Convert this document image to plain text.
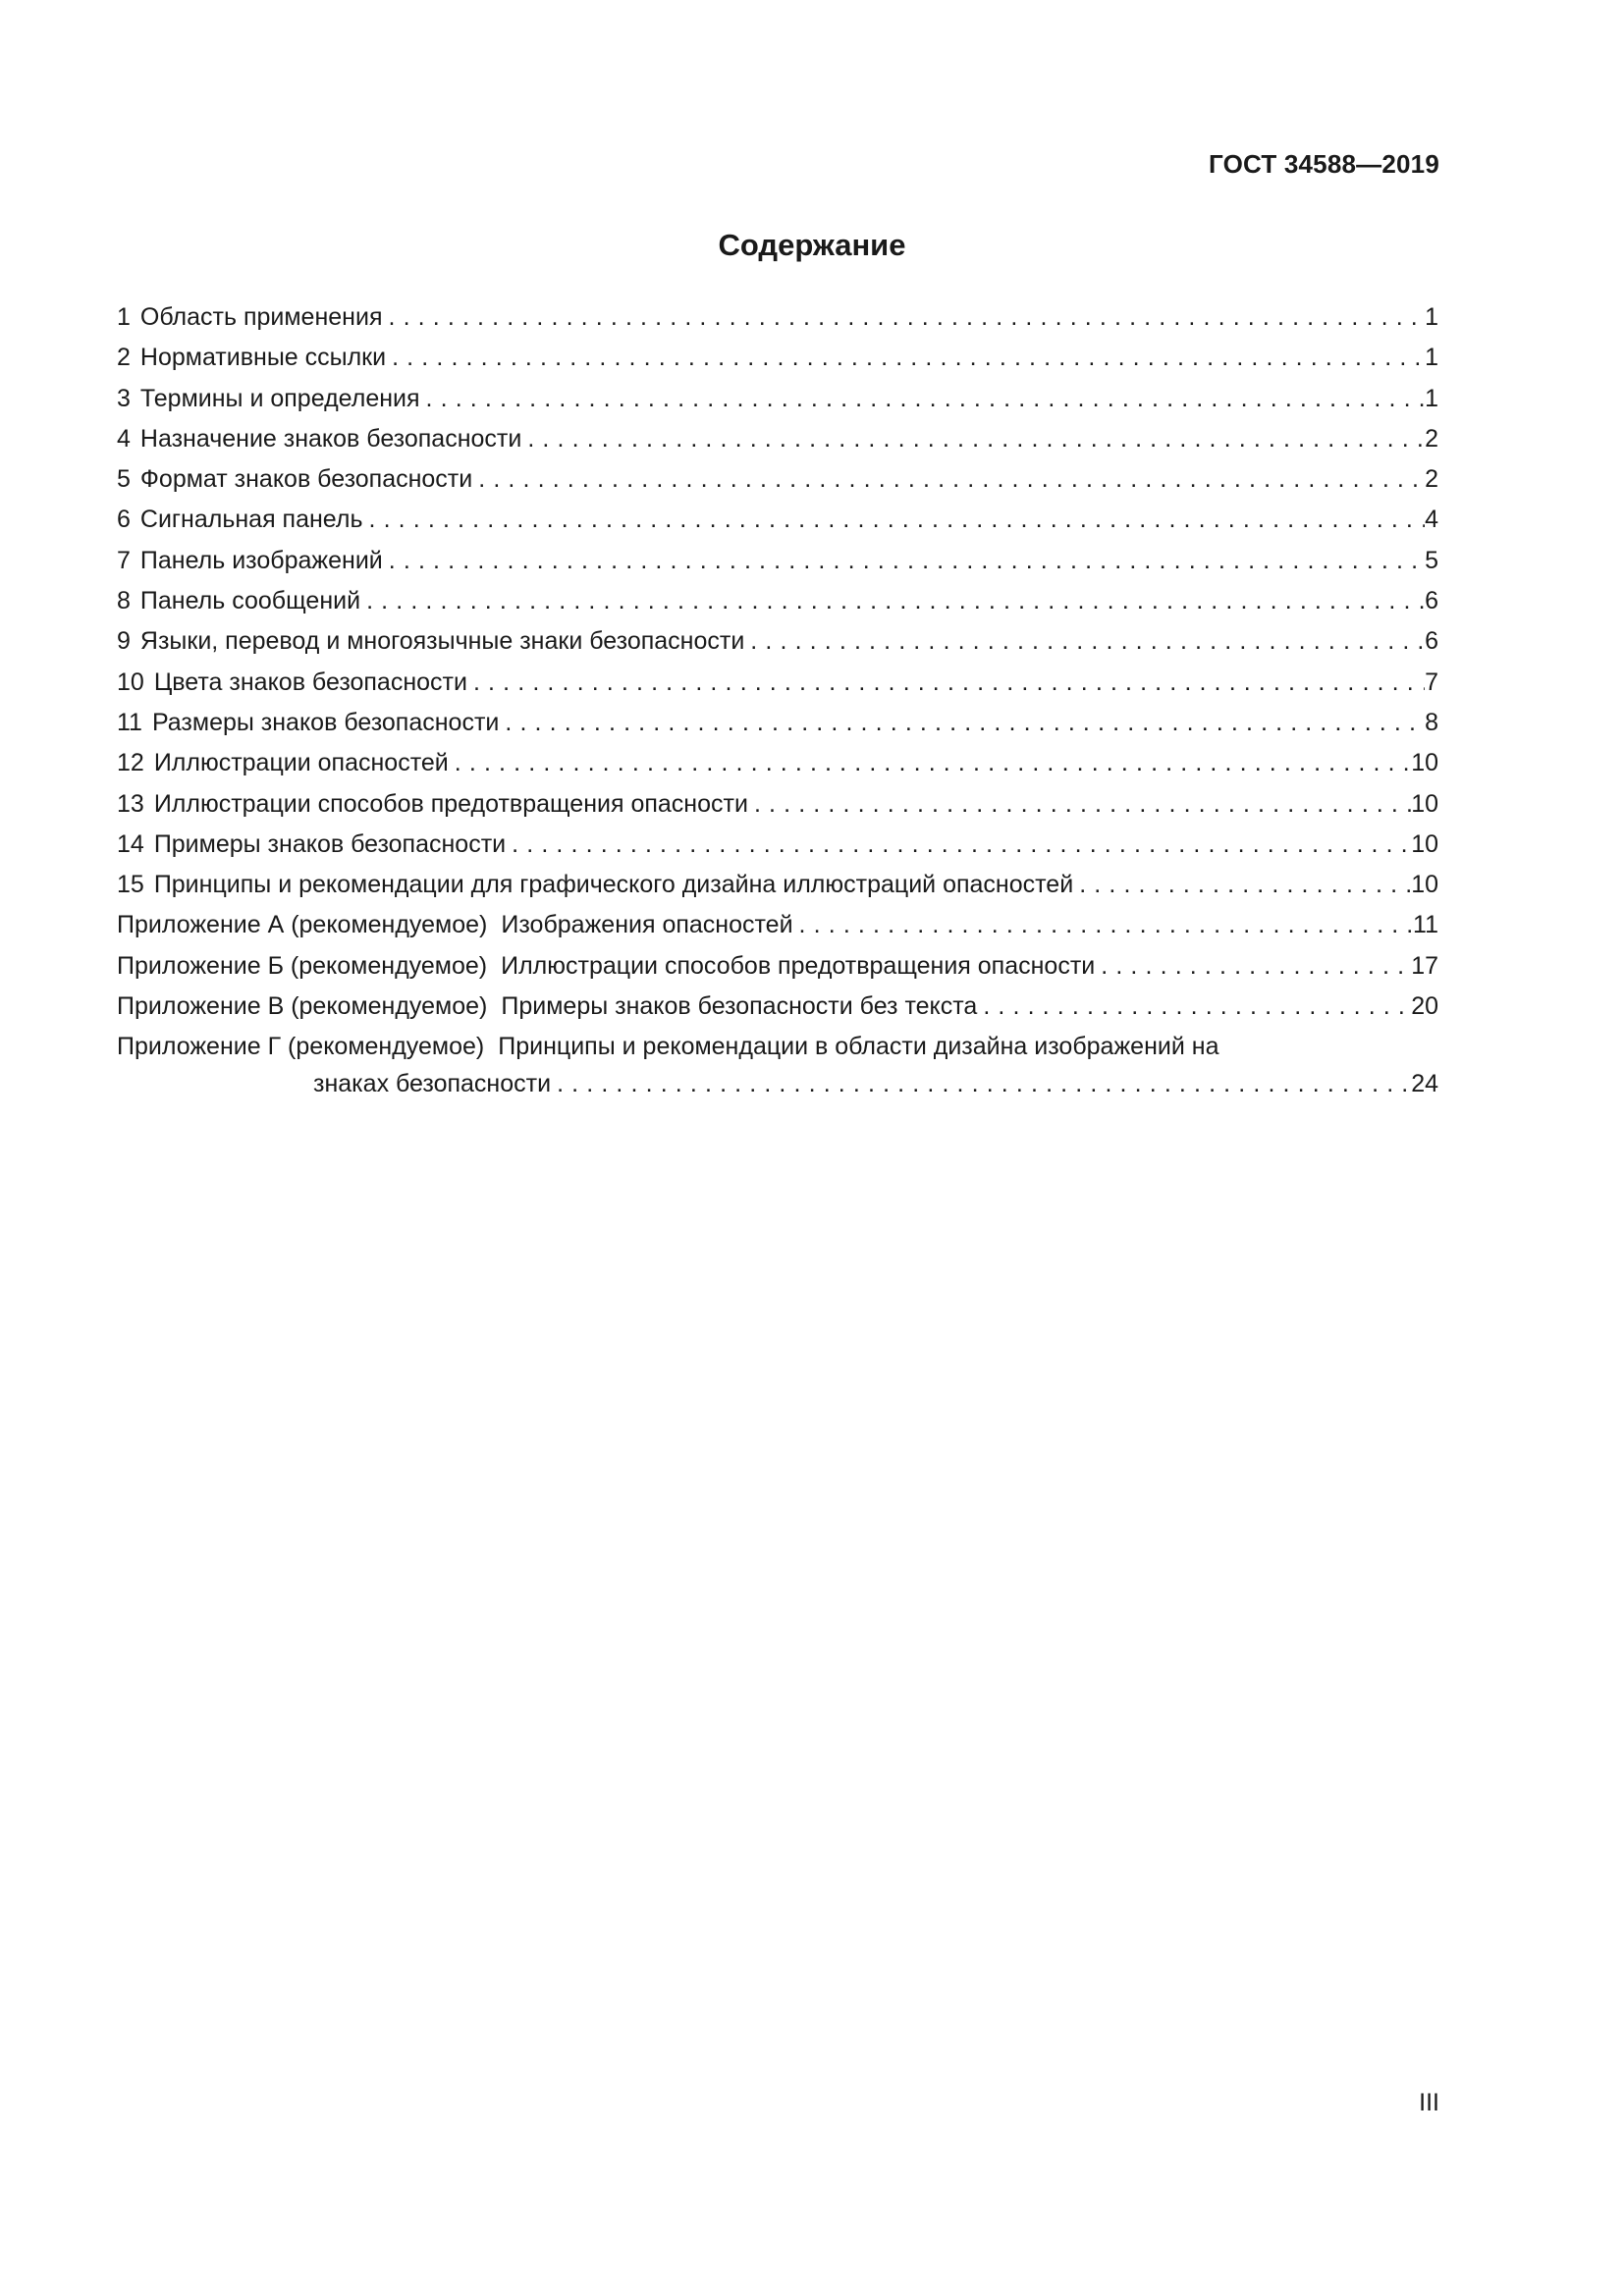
ГОСТ 34588—2019
Содержание
1 Область применения . . .	1
2 Нормативные ссылки . . .	1
3 Термины и определения . . .	1
4 Назначение знаков безопасности . . .	2
5 Формат знаков безопасности . . .	2
6 Сигнальная панель . . .	4
7 Панель изображений . . .	5
8 Панель сообщений . . .	6
9 Языки, перевод и многоязычные знаки безопасности . . .	6
10 Цвета знаков безопасности . . .	7
11 Размеры знаков безопасности . . .	8
12 Иллюстрации опасностей . . .	10
13 Иллюстрации способов предотвращения опасности . . .	10
14 Примеры знаков безопасности . . .	10
15 Принципы и рекомендации для графического дизайна иллюстраций опасностей . . .	10
Приложение А (рекомендуемое) Изображения опасностей . . .	11
Приложение Б (рекомендуемое) Иллюстрации способов предотвращения опасности . . .	17
Приложение В (рекомендуемое) Примеры знаков безопасности без текста . . .	20
Приложение Г (рекомендуемое) Принципы и рекомендации в области дизайна изображений на
знаках безопасности . . .	24
III
